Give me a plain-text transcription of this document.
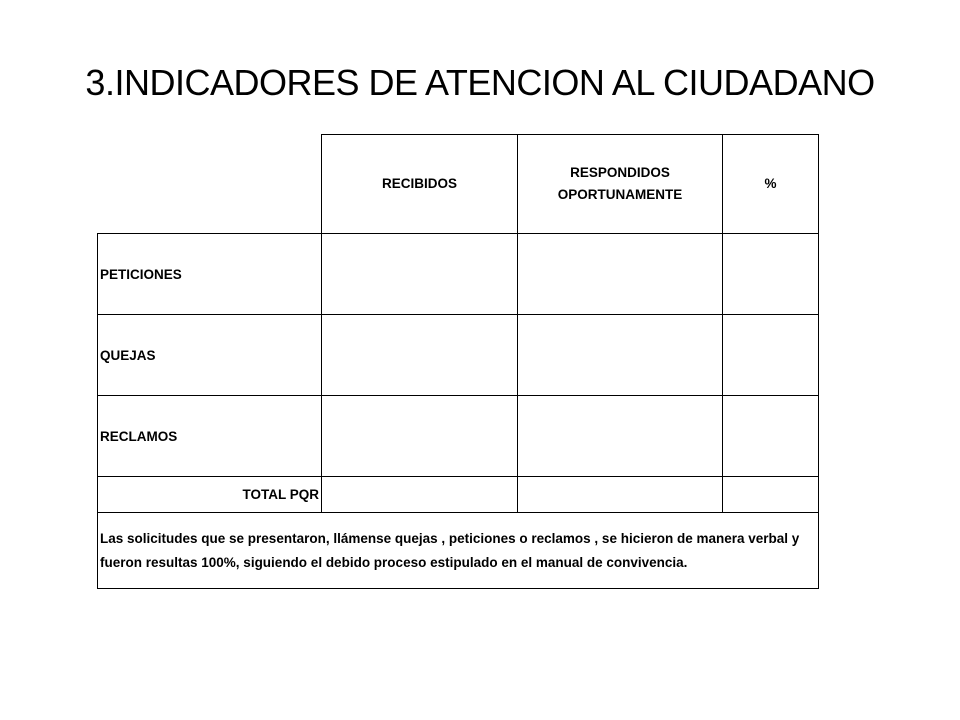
3.INDICADORES DE ATENCION AL CIUDADANO
	RECIBIDOS	RESPONDIDOS OPORTUNAMENTE	%
PETICIONES			
QUEJAS			
RECLAMOS			
TOTAL PQR			
Las solicitudes que se presentaron, llámense quejas , peticiones o reclamos , se hicieron de manera verbal y fueron resultas 100%, siguiendo el debido proceso estipulado en el manual de convivencia.			
